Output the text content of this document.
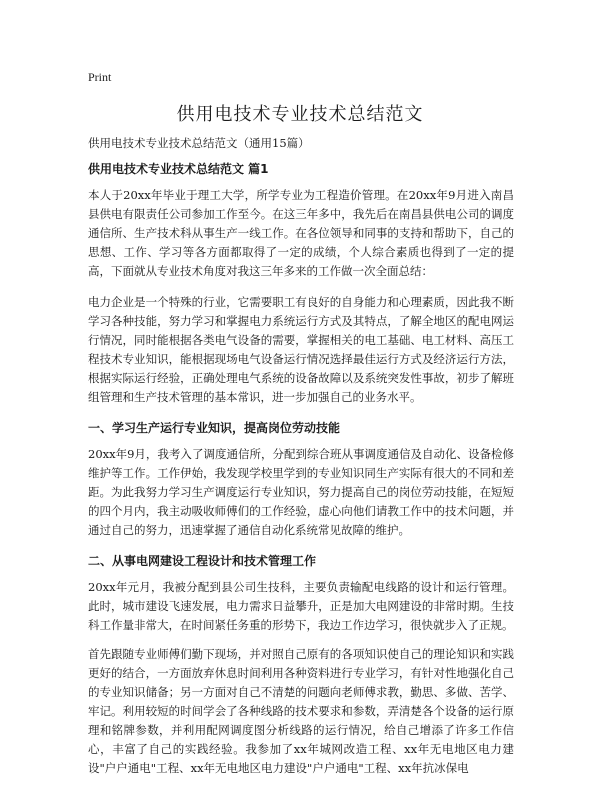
Print
供用电技术专业技术总结范文

供用电技术专业技术总结范文（通用15篇）

供用电技术专业技术总结范文 篇1

本人于20xx年毕业于理工大学，所学专业为工程造价管理。在20xx年9月进入南昌县供电有限责任公司参加工作至今。在这三年多中，我先后在南昌县供电公司的调度通信所、生产技术科从事生产一线工作。在各位领导和同事的支持和帮助下，自己的思想、工作、学习等各方面都取得了一定的成绩，个人综合素质也得到了一定的提高，下面就从专业技术角度对我这三年多来的工作做一次全面总结：

电力企业是一个特殊的行业，它需要职工有良好的自身能力和心理素质，因此我不断学习各种技能，努力学习和掌握电力系统运行方式及其特点，了解全地区的配电网运行情况，同时能根据各类电气设备的需要，掌握相关的电工基础、电工材料、高压工程技术专业知识，能根据现场电气设备运行情况选择最佳运行方式及经济运行方法，根据实际运行经验，正确处理电气系统的设备故障以及系统突发性事故，初步了解班组管理和生产技术管理的基本常识，进一步加强自己的业务水平。

一、学习生产运行专业知识，提高岗位劳动技能

20xx年9月，我考入了调度通信所，分配到综合班从事调度通信及自动化、设备检修维护等工作。工作伊始，我发现学校里学到的专业知识同生产实际有很大的不同和差距。为此我努力学习生产调度运行专业知识，努力提高自己的岗位劳动技能，在短短的四个月内，我主动吸收师傅们的工作经验，虚心向他们请教工作中的技术问题，并通过自己的努力，迅速掌握了通信自动化系统常见故障的维护。

二、从事电网建设工程设计和技术管理工作

20xx年元月，我被分配到县公司生技科，主要负责输配电线路的设计和运行管理。此时，城市建设飞速发展，电力需求日益攀升，正是加大电网建设的非常时期。生技科工作量非常大，在时间紧任务重的形势下，我边工作边学习，很快就步入了正规。

首先跟随专业师傅们勤下现场，并对照自己原有的各项知识使自己的理论知识和实践更好的结合，一方面放弃休息时间利用各种资料进行专业学习，有针对性地强化自己的专业知识储备；另一方面对自己不清楚的问题向老师傅求教，勤思、多做、苦学、牢记。利用较短的时间学会了各种线路的技术要求和参数，弄清楚各个设备的运行原理和铭牌参数，并利用配网调度图分析线路的运行情况，给自己增添了许多工作信心，丰富了自己的实践经验。我参加了xx年城网改造工程、xx年无电地区电力建设"户户通电"工程、xx年无电地区电力建设"户户通电"工程、xx年抗冰保电
